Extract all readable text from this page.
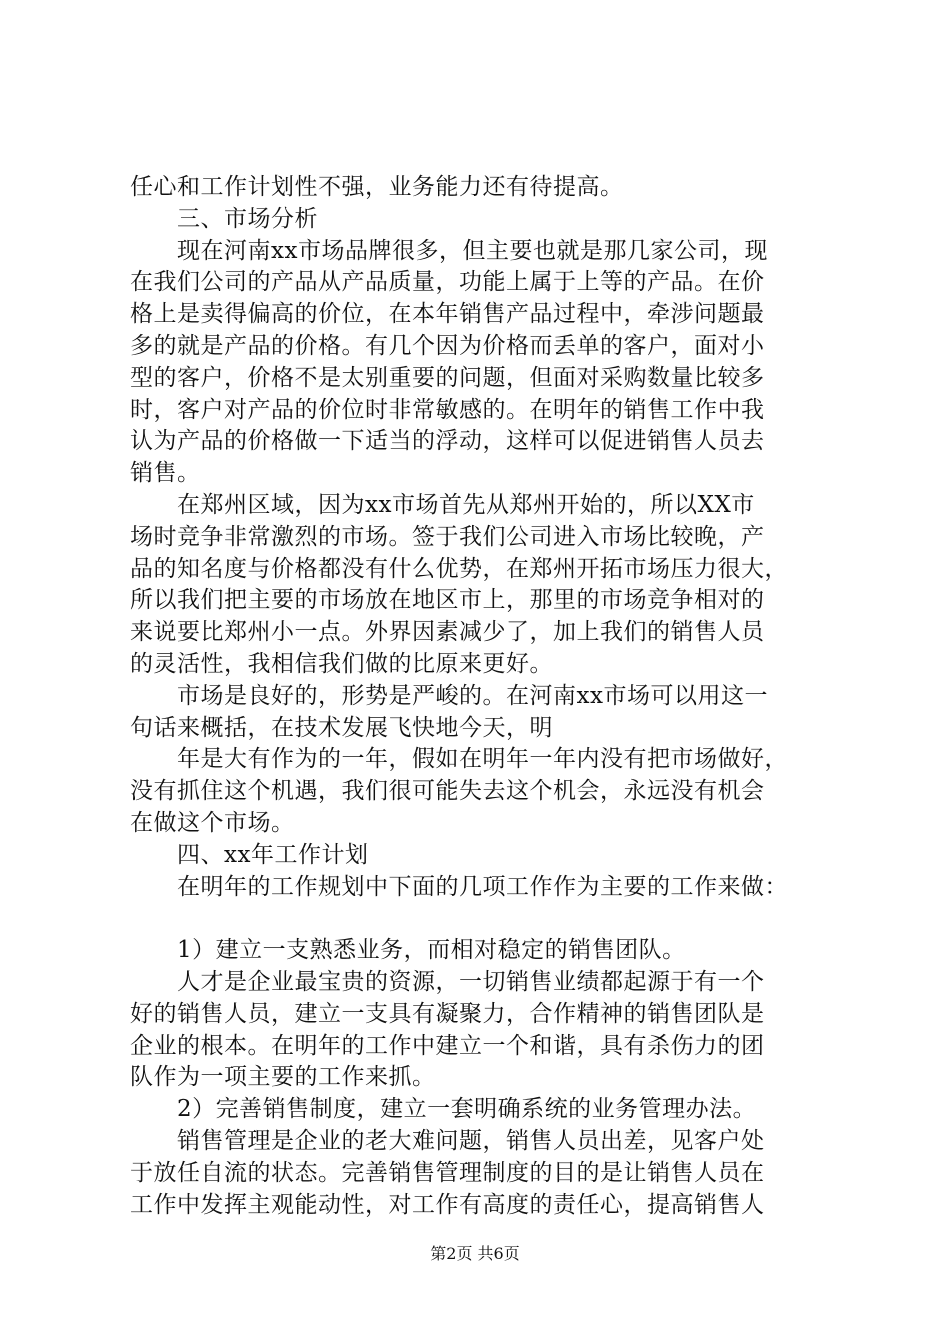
任心和工作计划性不强，业务能力还有待提高。
　　三、市场分析
　　现在河南xx市场品牌很多，但主要也就是那几家公司，现
在我们公司的产品从产品质量，功能上属于上等的产品。在价
格上是卖得偏高的价位，在本年销售产品过程中，牵涉问题最
多的就是产品的价格。有几个因为价格而丢单的客户，面对小
型的客户，价格不是太别重要的问题，但面对采购数量比较多
时，客户对产品的价位时非常敏感的。在明年的销售工作中我
认为产品的价格做一下适当的浮动，这样可以促进销售人员去
销售。
　　在郑州区域，因为xx市场首先从郑州开始的，所以XX市
场时竞争非常激烈的市场。签于我们公司进入市场比较晚，产
品的知名度与价格都没有什么优势，在郑州开拓市场压力很大，
所以我们把主要的市场放在地区市上，那里的市场竞争相对的
来说要比郑州小一点。外界因素减少了，加上我们的销售人员
的灵活性，我相信我们做的比原来更好。
　　市场是良好的，形势是严峻的。在河南xx市场可以用这一
句话来概括，在技术发展飞快地今天，明
　　年是大有作为的一年，假如在明年一年内没有把市场做好，
没有抓住这个机遇，我们很可能失去这个机会，永远没有机会
在做这个市场。
　　四、xx年工作计划
　　在明年的工作规划中下面的几项工作作为主要的工作来做：
　　1）建立一支熟悉业务，而相对稳定的销售团队。
　　人才是企业最宝贵的资源，一切销售业绩都起源于有一个
好的销售人员，建立一支具有凝聚力，合作精神的销售团队是
企业的根本。在明年的工作中建立一个和谐，具有杀伤力的团
队作为一项主要的工作来抓。
　　2）完善销售制度，建立一套明确系统的业务管理办法。
　　销售管理是企业的老大难问题，销售人员出差，见客户处
于放任自流的状态。完善销售管理制度的目的是让销售人员在
工作中发挥主观能动性，对工作有高度的责任心，提高销售人
第2页 共6页
